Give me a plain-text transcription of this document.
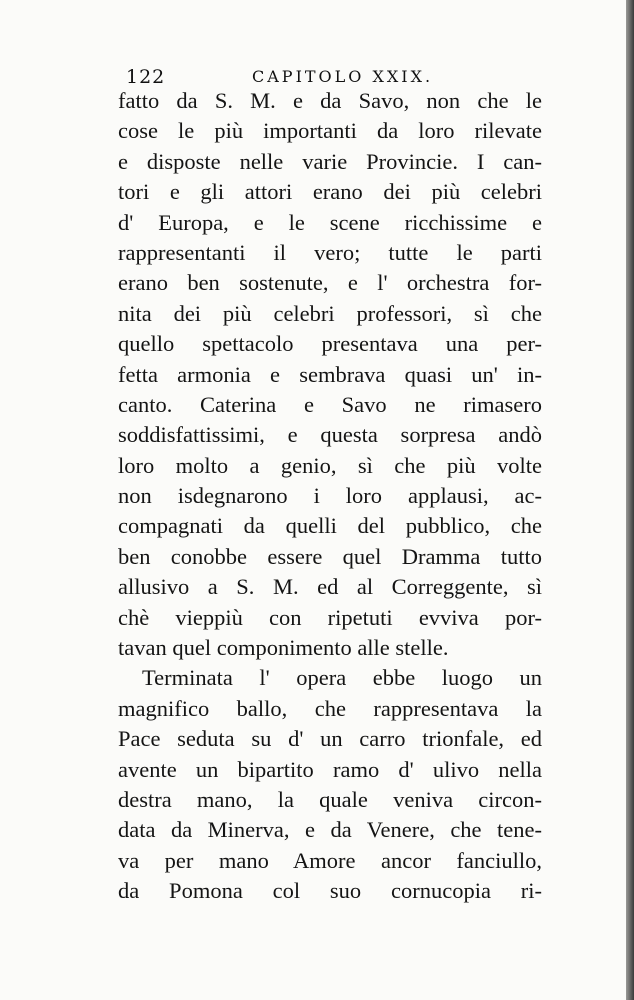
122	CAPITOLO XXIX.
fatto da S. M. e da Savo, non che le
cose le più importanti da loro rilevate
e disposte nelle varie Provincie. I can-
tori e gli attori erano dei più celebri
d' Europa, e le scene ricchissime e
rappresentanti il vero; tutte le parti
erano ben sostenute, e l' orchestra for-
nita dei più celebri professori, sì che
quello spettacolo presentava una per-
fetta armonia e sembrava quasi un' in-
canto. Caterina e Savo ne rimasero
soddisfattissimi, e questa sorpresa andò
loro molto a genio, sì che più volte
non isdegnarono i loro applausi, ac-
compagnati da quelli del pubblico, che
ben conobbe essere quel Dramma tutto
allusivo a S. M. ed al Correggente, sì
chè vieppiù con ripetuti evviva por-
tavan quel componimento alle stelle.
Terminata l' opera ebbe luogo un
magnifico ballo, che rappresentava la
Pace seduta su d' un carro trionfale, ed
avente un bipartito ramo d' ulivo nella
destra mano, la quale veniva circon-
data da Minerva, e da Venere, che tene-
va per mano Amore ancor fanciullo,
da Pomona col suo cornucopia ri-
